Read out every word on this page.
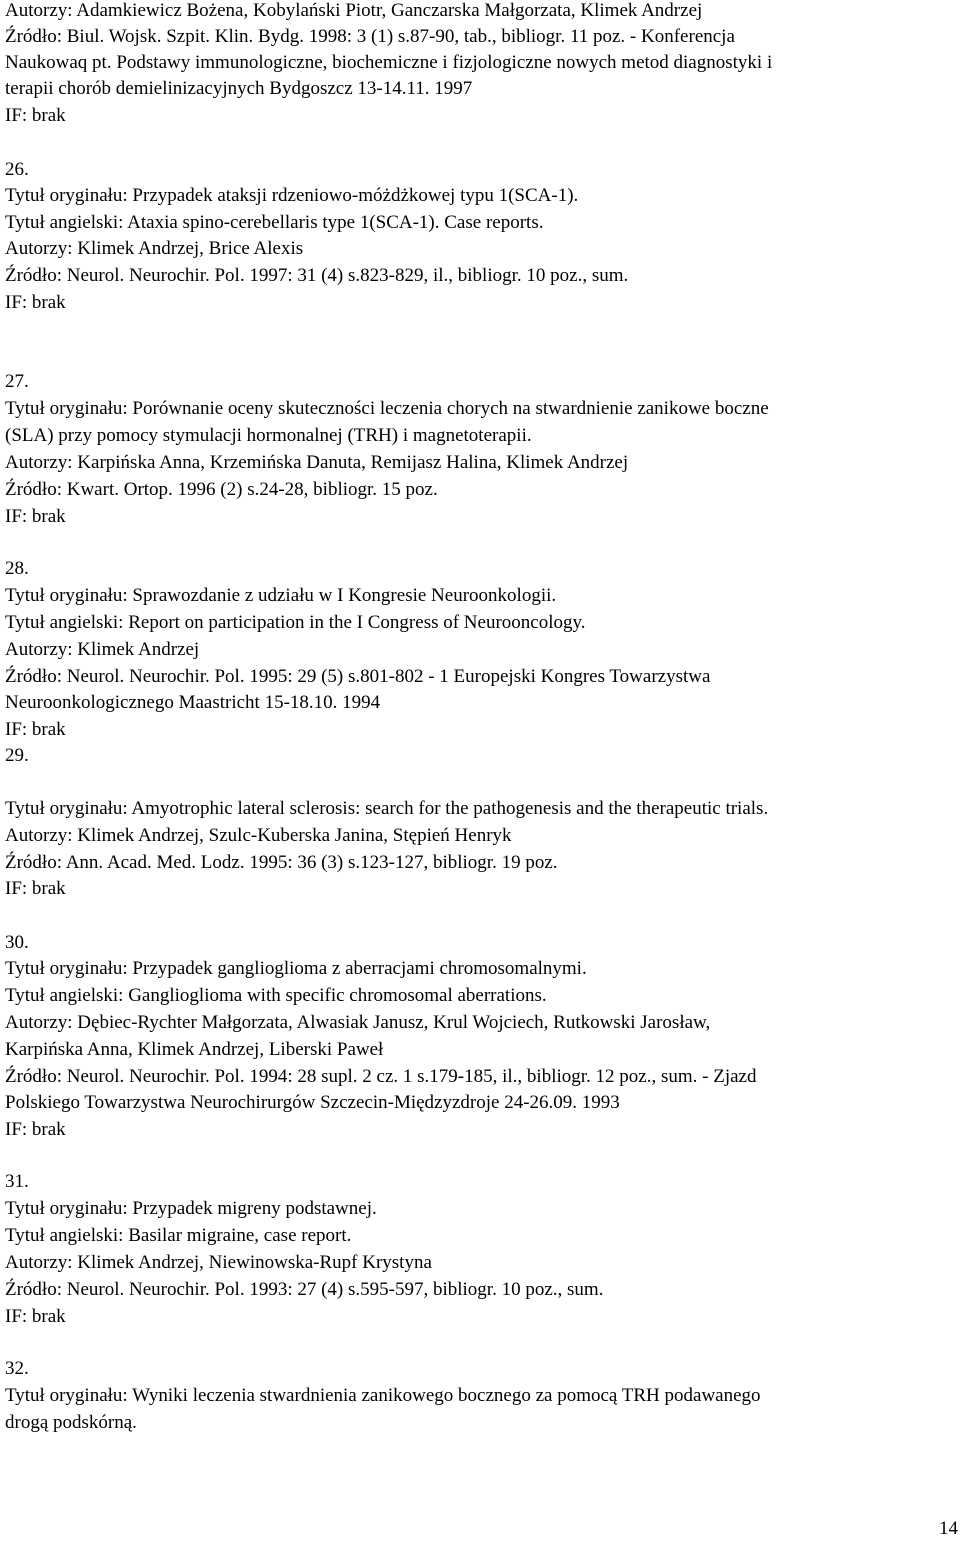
Autorzy: Adamkiewicz Bożena, Kobylański Piotr, Ganczarska Małgorzata, Klimek Andrzej
Źródło: Biul. Wojsk. Szpit. Klin. Bydg. 1998: 3 (1) s.87-90, tab., bibliogr. 11 poz. - Konferencja
Naukowaq pt. Podstawy immunologiczne, biochemiczne i fizjologiczne nowych metod diagnostyki i
terapii chorób demielinizacyjnych Bydgoszcz 13-14.11. 1997
IF: brak
26.
Tytuł oryginału: Przypadek ataksji rdzeniowo-móżdżkowej typu 1(SCA-1).
Tytuł angielski: Ataxia spino-cerebellaris type 1(SCA-1). Case reports.
Autorzy: Klimek Andrzej, Brice Alexis
Źródło: Neurol. Neurochir. Pol. 1997: 31 (4) s.823-829, il., bibliogr. 10 poz., sum.
IF: brak
27.
Tytuł oryginału: Porównanie oceny skuteczności leczenia chorych na stwardnienie zanikowe boczne
(SLA) przy pomocy stymulacji hormonalnej (TRH) i magnetoterapii.
Autorzy: Karpińska Anna, Krzemińska Danuta, Remijasz Halina, Klimek Andrzej
Źródło: Kwart. Ortop. 1996 (2) s.24-28, bibliogr. 15 poz.
IF: brak
28.
Tytuł oryginału: Sprawozdanie z udziału w I Kongresie Neuroonkologii.
Tytuł angielski: Report on participation in the I Congress of Neurooncology.
Autorzy: Klimek Andrzej
Źródło: Neurol. Neurochir. Pol. 1995: 29 (5) s.801-802 - 1 Europejski Kongres Towarzystwa
Neuroonkologicznego Maastricht 15-18.10. 1994
IF: brak
29.
Tytuł oryginału: Amyotrophic lateral sclerosis: search for the pathogenesis and the therapeutic trials.
Autorzy: Klimek Andrzej, Szulc-Kuberska Janina, Stępień Henryk
Źródło: Ann. Acad. Med. Lodz. 1995: 36 (3) s.123-127, bibliogr. 19 poz.
IF: brak
30.
Tytuł oryginału: Przypadek ganglioglioma z aberracjami chromosomalnymi.
Tytuł angielski: Ganglioglioma with specific chromosomal aberrations.
Autorzy: Dębiec-Rychter Małgorzata, Alwasiak Janusz, Krul Wojciech, Rutkowski Jarosław,
Karpińska Anna, Klimek Andrzej, Liberski Paweł
Źródło: Neurol. Neurochir. Pol. 1994: 28 supl. 2 cz. 1 s.179-185, il., bibliogr. 12 poz., sum. - Zjazd
Polskiego Towarzystwa Neurochirurgów Szczecin-Międzyzdroje 24-26.09. 1993
IF: brak
31.
Tytuł oryginału: Przypadek migreny podstawnej.
Tytuł angielski: Basilar migraine, case report.
Autorzy: Klimek Andrzej, Niewinowska-Rupf Krystyna
Źródło: Neurol. Neurochir. Pol. 1993: 27 (4) s.595-597, bibliogr. 10 poz., sum.
IF: brak
32.
Tytuł oryginału: Wyniki leczenia stwardnienia zanikowego bocznego za pomocą TRH podawanego
drogą podskórną.
14
